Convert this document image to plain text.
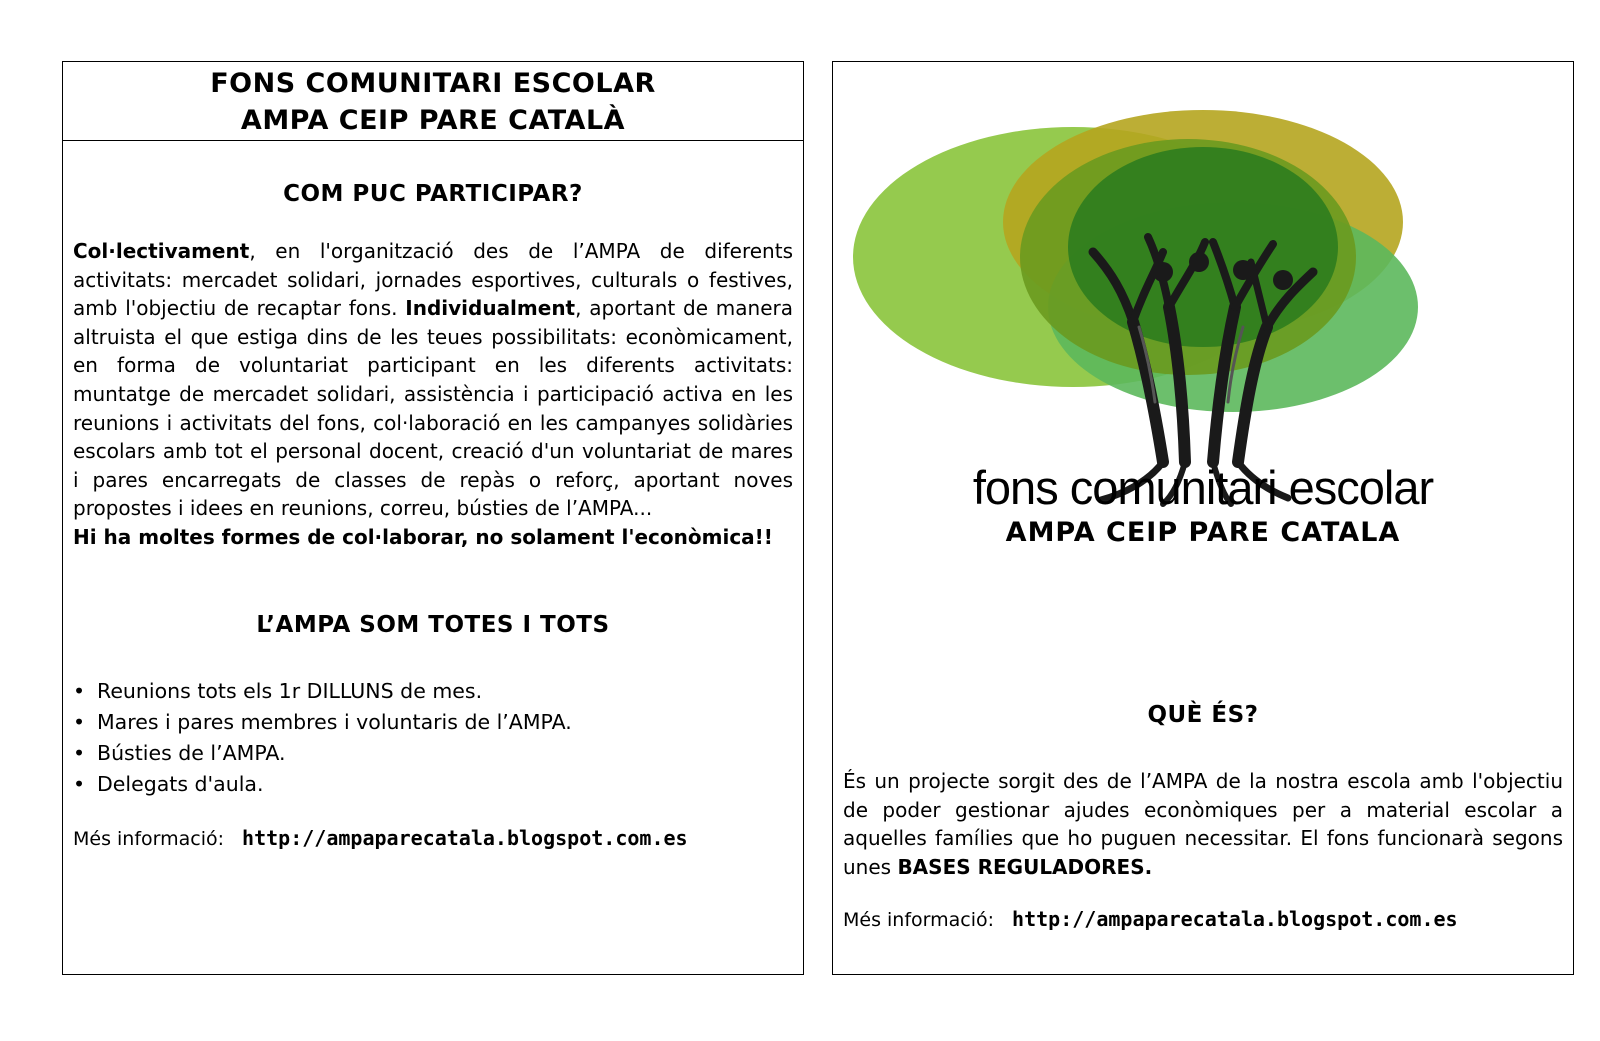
FONS COMUNITARI ESCOLAR
AMPA CEIP PARE CATALÀ
COM PUC PARTICIPAR?
Col·lectivament, en l'organització des de l’AMPA de diferents activitats: mercadet solidari, jornades esportives, culturals o festives, amb l'objectiu de recaptar fons. Individualment, aportant de manera altruista el que estiga dins de les teues possibilitats: econòmicament, en forma de voluntariat participant en les diferents activitats: muntatge de mercadet solidari, assistència i participació activa en les reunions i activitats del fons, col·laboració en les campanyes solidàries escolars amb tot el personal docent, creació d'un voluntariat de mares i pares encarregats de classes de repàs o reforç, aportant noves propostes i idees en reunions, correu, bústies de l’AMPA...
Hi ha moltes formes de col·laborar, no solament l'econòmica!!
L’AMPA SOM TOTES I TOTS
• Reunions tots els 1r DILLUNS de mes.
• Mares i pares membres i voluntaris de l’AMPA.
• Bústies de l’AMPA.
• Delegats d'aula.
Més informació: http://ampaparecatala.blogspot.com.es
fons comunitari escolar
AMPA CEIP PARE CATALA
QUÈ ÉS?
És un projecte sorgit des de l’AMPA de la nostra escola amb l'objectiu de poder gestionar ajudes econòmiques per a material escolar a aquelles famílies que ho puguen necessitar. El fons funcionarà segons unes BASES REGULADORES.
Més informació: http://ampaparecatala.blogspot.com.es
